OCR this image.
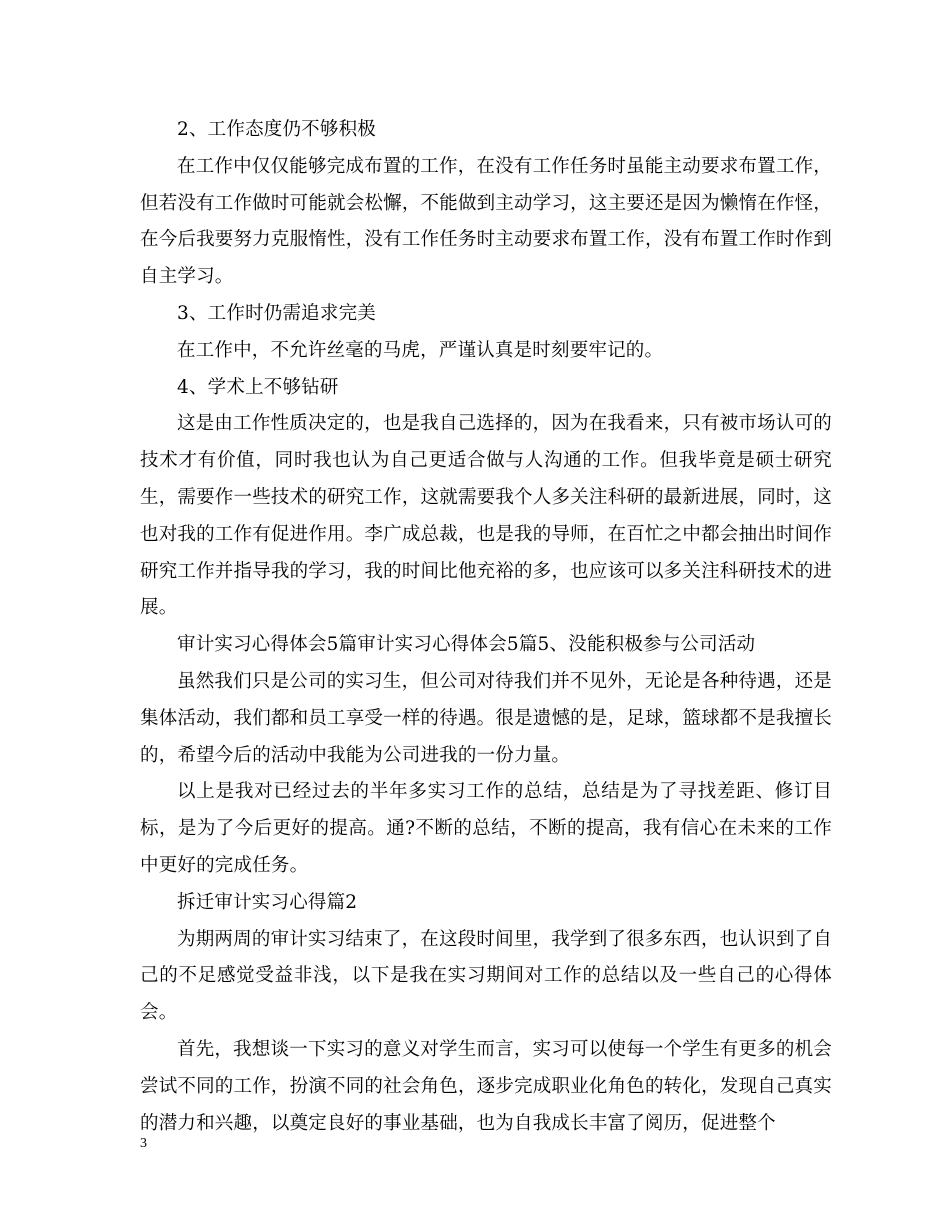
2、工作态度仍不够积极

在工作中仅仅能够完成布置的工作，在没有工作任务时虽能主动要求布置工作，但若没有工作做时可能就会松懈，不能做到主动学习，这主要还是因为懒惰在作怪，在今后我要努力克服惰性，没有工作任务时主动要求布置工作，没有布置工作时作到自主学习。

3、工作时仍需追求完美

在工作中，不允许丝毫的马虎，严谨认真是时刻要牢记的。

4、学术上不够钻研

这是由工作性质决定的，也是我自己选择的，因为在我看来，只有被市场认可的技术才有价值，同时我也认为自己更适合做与人沟通的工作。但我毕竟是硕士研究生，需要作一些技术的研究工作，这就需要我个人多关注科研的最新进展，同时，这也对我的工作有促进作用。李广成总裁，也是我的导师，在百忙之中都会抽出时间作研究工作并指导我的学习，我的时间比他充裕的多，也应该可以多关注科研技术的进展。

审计实习心得体会5篇审计实习心得体会5篇5、没能积极参与公司活动

虽然我们只是公司的实习生，但公司对待我们并不见外，无论是各种待遇，还是集体活动，我们都和员工享受一样的待遇。很是遗憾的是，足球，篮球都不是我擅长的，希望今后的活动中我能为公司进我的一份力量。

以上是我对已经过去的半年多实习工作的总结，总结是为了寻找差距、修订目标，是为了今后更好的提高。通?不断的总结，不断的提高，我有信心在未来的工作中更好的完成任务。

拆迁审计实习心得篇2

为期两周的审计实习结束了，在这段时间里，我学到了很多东西，也认识到了自己的不足感觉受益非浅，以下是我在实习期间对工作的总结以及一些自己的心得体会。

首先，我想谈一下实习的意义对学生而言，实习可以使每一个学生有更多的机会尝试不同的工作，扮演不同的社会角色，逐步完成职业化角色的转化，发现自己真实的潜力和兴趣，以奠定良好的事业基础，也为自我成长丰富了阅历，促进整个

3
